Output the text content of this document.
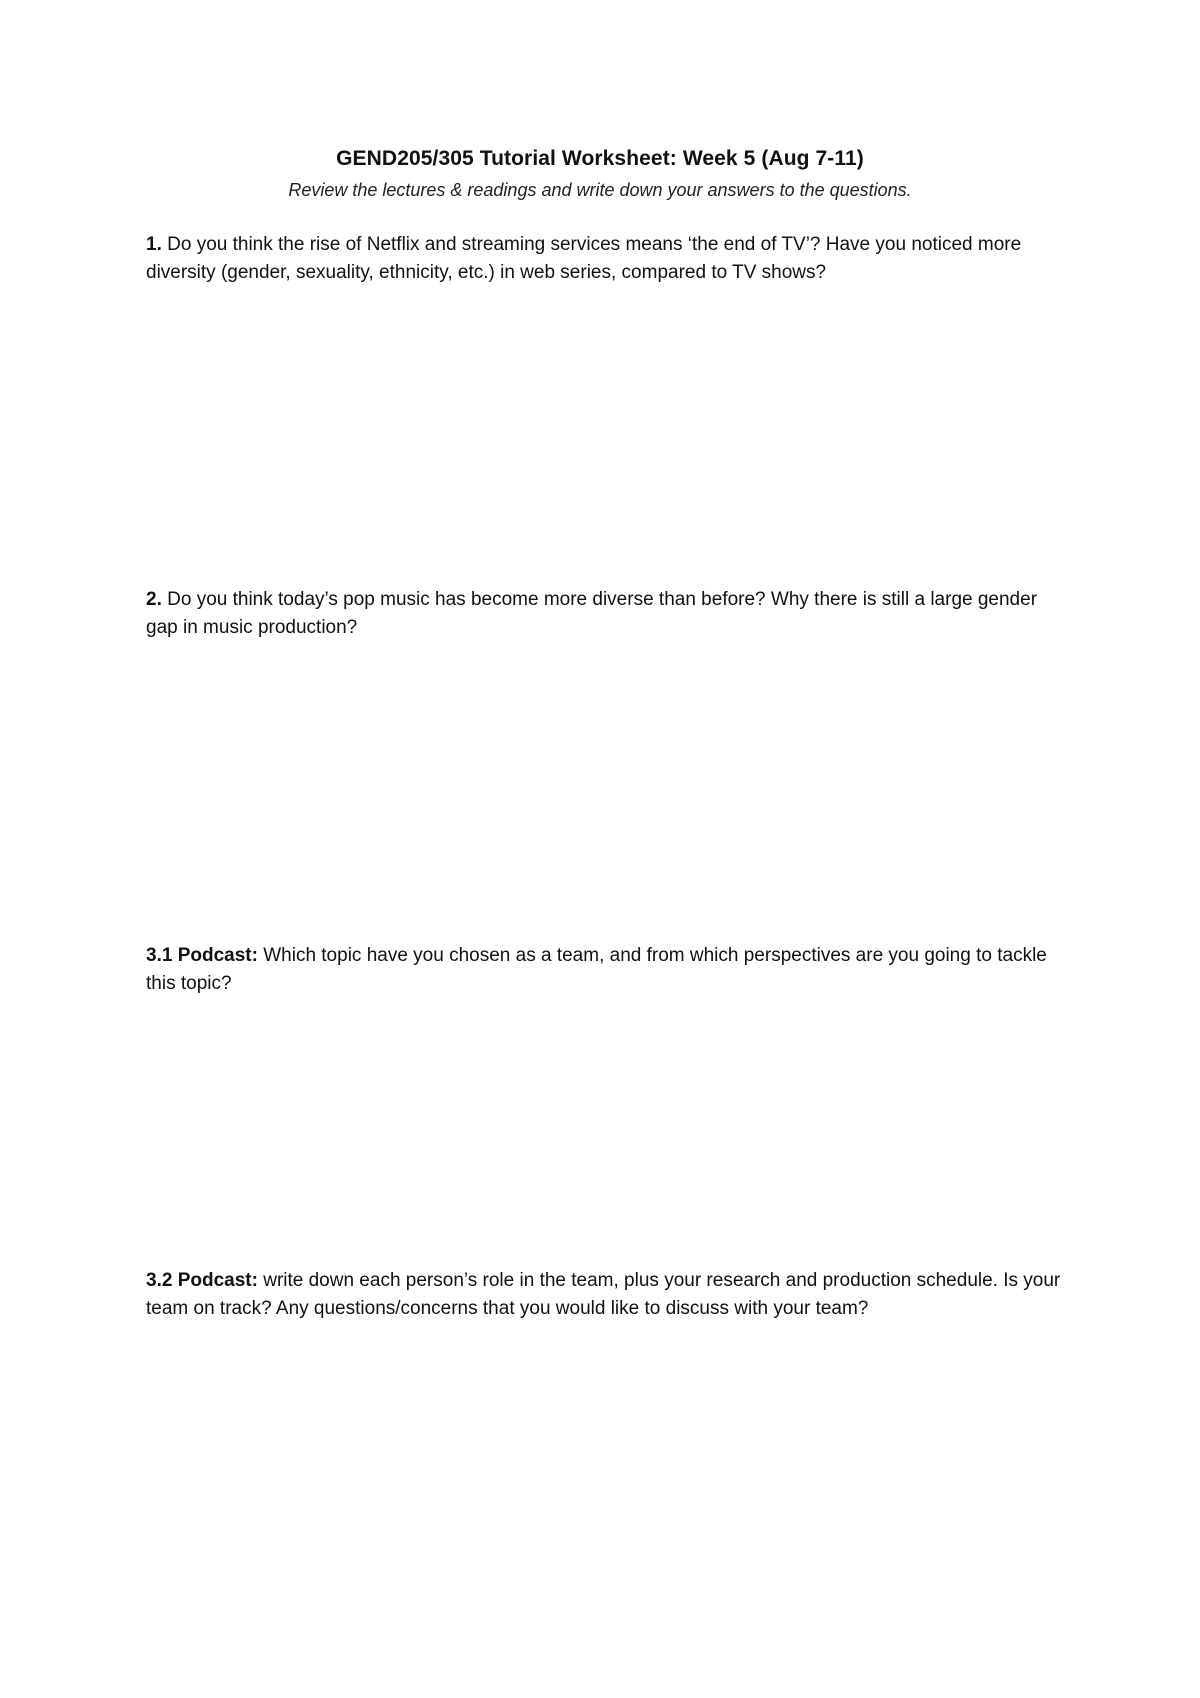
GEND205/305 Tutorial Worksheet: Week 5 (Aug 7-11)
Review the lectures & readings and write down your answers to the questions.
1. Do you think the rise of Netflix and streaming services means ‘the end of TV’? Have you noticed more diversity (gender, sexuality, ethnicity, etc.) in web series, compared to TV shows?
2. Do you think today’s pop music has become more diverse than before? Why there is still a large gender gap in music production?
3.1 Podcast: Which topic have you chosen as a team, and from which perspectives are you going to tackle this topic?
3.2 Podcast: write down each person’s role in the team, plus your research and production schedule. Is your team on track? Any questions/concerns that you would like to discuss with your team?
